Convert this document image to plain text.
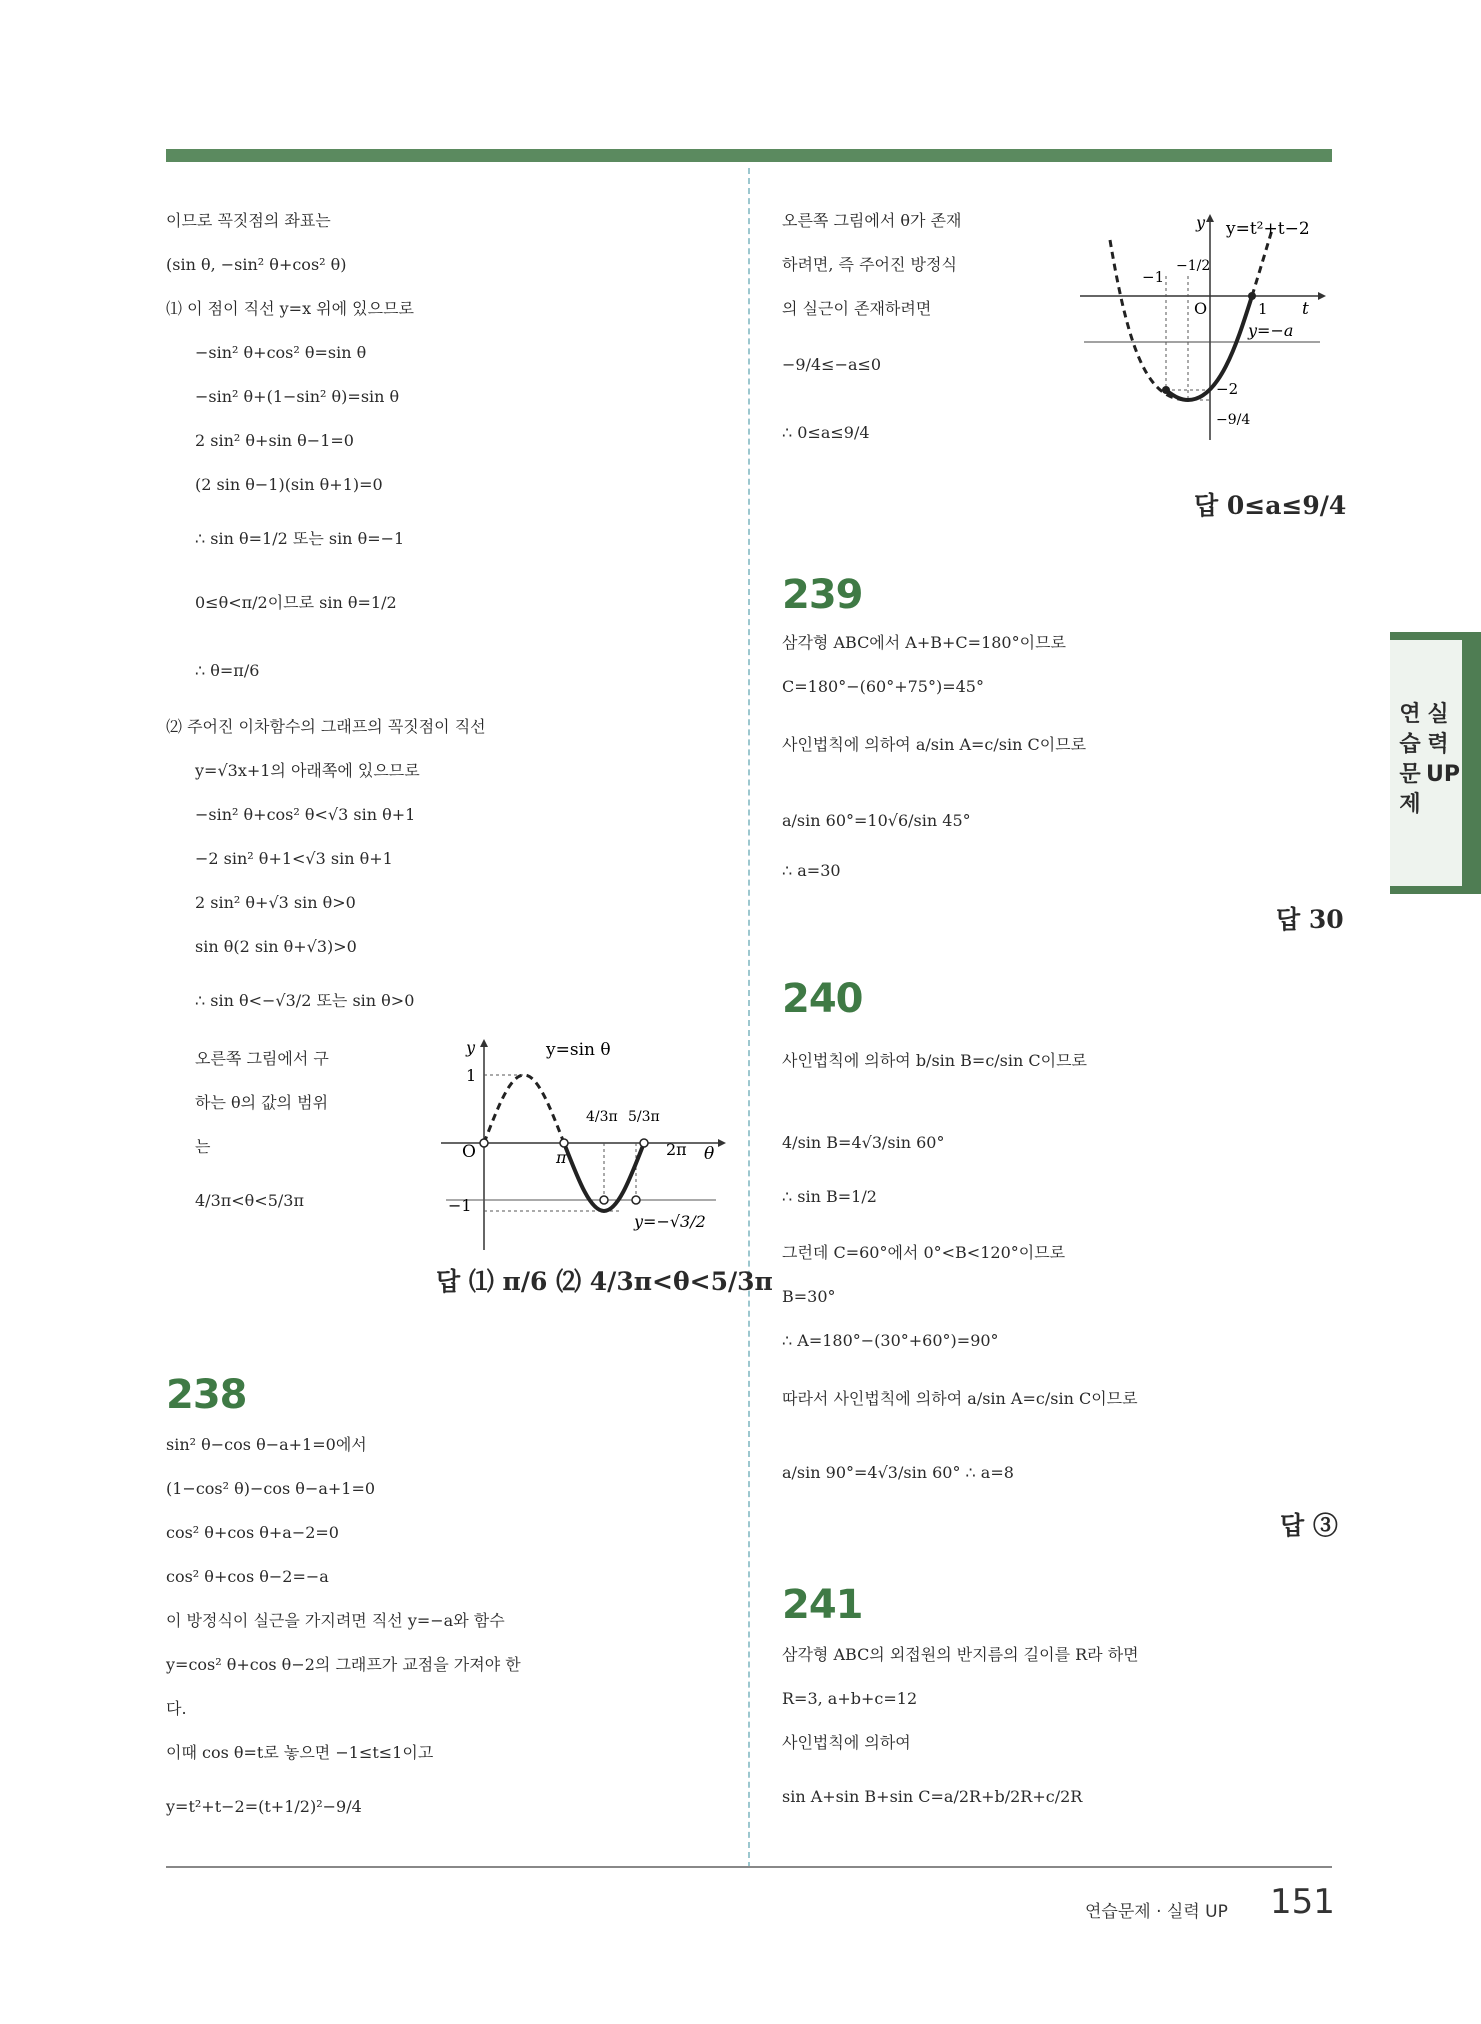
이므로 꼭짓점의 좌표는
(sin θ, −sin² θ+cos² θ)
⑴ 이 점이 직선 y=x 위에 있으므로
−sin² θ+cos² θ=sin θ
−sin² θ+(1−sin² θ)=sin θ
2 sin² θ+sin θ−1=0
(2 sin θ−1)(sin θ+1)=0
∴ sin θ=1/2 또는 sin θ=−1
0≤θ<π/2이므로 sin θ=1/2
∴ θ=π/6
⑵ 주어진 이차함수의 그래프의 꼭짓점이 직선
y=√3x+1의 아래쪽에 있으므로
−sin² θ+cos² θ<√3 sin θ+1
−2 sin² θ+1<√3 sin θ+1
2 sin² θ+√3 sin θ>0
sin θ(2 sin θ+√3)>0
∴ sin θ<−√3/2 또는 sin θ>0
오른쪽 그림에서 구
하는 θ의 값의 범위
는
4/3π<θ<5/3π
y	y=sin θ
1
−1
O	π	2π θ
4/3π 5/3π
y=−√3/2
답 ⑴ π/6 ⑵ 4/3π<θ<5/3π
238
sin² θ−cos θ−a+1=0에서
(1−cos² θ)−cos θ−a+1=0
cos² θ+cos θ+a−2=0
cos² θ+cos θ−2=−a
이 방정식이 실근을 가지려면 직선 y=−a와 함수
y=cos² θ+cos θ−2의 그래프가 교점을 가져야 한
다.
이때 cos θ=t로 놓으면 −1≤t≤1이고
y=t²+t−2=(t+1/2)²−9/4
오른쪽 그림에서 θ가 존재
하려면, 즉 주어진 방정식
의 실근이 존재하려면
−9/4≤−a≤0
∴ 0≤a≤9/4
y y=t²+t−2
−1
−1/2
O	1 t
y=−a
−2
−9/4
답 0≤a≤9/4
239
삼각형 ABC에서 A+B+C=180°이므로
C=180°−(60°+75°)=45°
사인법칙에 의하여 a/sin A=c/sin C이므로
a/sin 60°=10√6/sin 45°
∴ a=30
답 30
240
사인법칙에 의하여 b/sin B=c/sin C이므로
4/sin B=4√3/sin 60°
∴ sin B=1/2
그런데 C=60°에서 0°<B<120°이므로
B=30°
∴ A=180°−(30°+60°)=90°
따라서 사인법칙에 의하여 a/sin A=c/sin C이므로
a/sin 90°=4√3/sin 60° ∴ a=8
답 ③
241
삼각형 ABC의 외접원의 반지름의 길이를 R라 하면
R=3, a+b+c=12
사인법칙에 의하여
sin A+sin B+sin C=a/2R+b/2R+c/2R
연습문제
실력UP
연습문제 · 실력 UP 151
